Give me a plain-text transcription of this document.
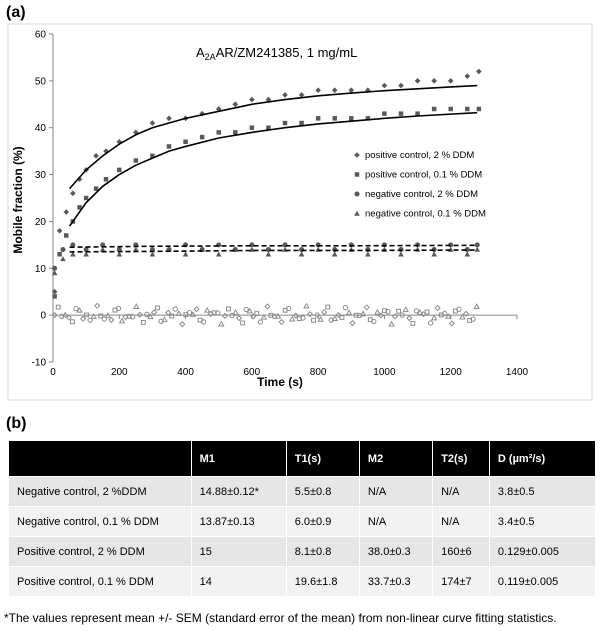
(a)
-10
0
10
20
30
40
50
60
0	200	400	600	800	1000	1200	1400
positive control, 2 % DDM
positive control, 0.1 % DDM
negative control, 2 % DDM
negative control, 0.1 % DDM
$A_{2A}AR/ZM241385$, 1 mg/mL
Time (s)
Mobile fraction (%)
(b)
	M1	T1(s)	M2	T2(s)	D (µm²/s)
Negative control, 2 %DDM	14.88±0.12*	5.5±0.8	N/A	N/A	3.8±0.5
Negative control, 0.1 % DDM	13.87±0.13	6.0±0.9	N/A	N/A	3.4±0.5
Positive control, 2 % DDM	15	8.1±0.8	38.0±0.3	160±6	0.129±0.005
Positive control, 0.1 % DDM	14	19.6±1.8	33.7±0.3	174±7	0.119±0.005
*The values represent mean +/- SEM (standard error of the mean) from non-linear curve fitting statistics.
